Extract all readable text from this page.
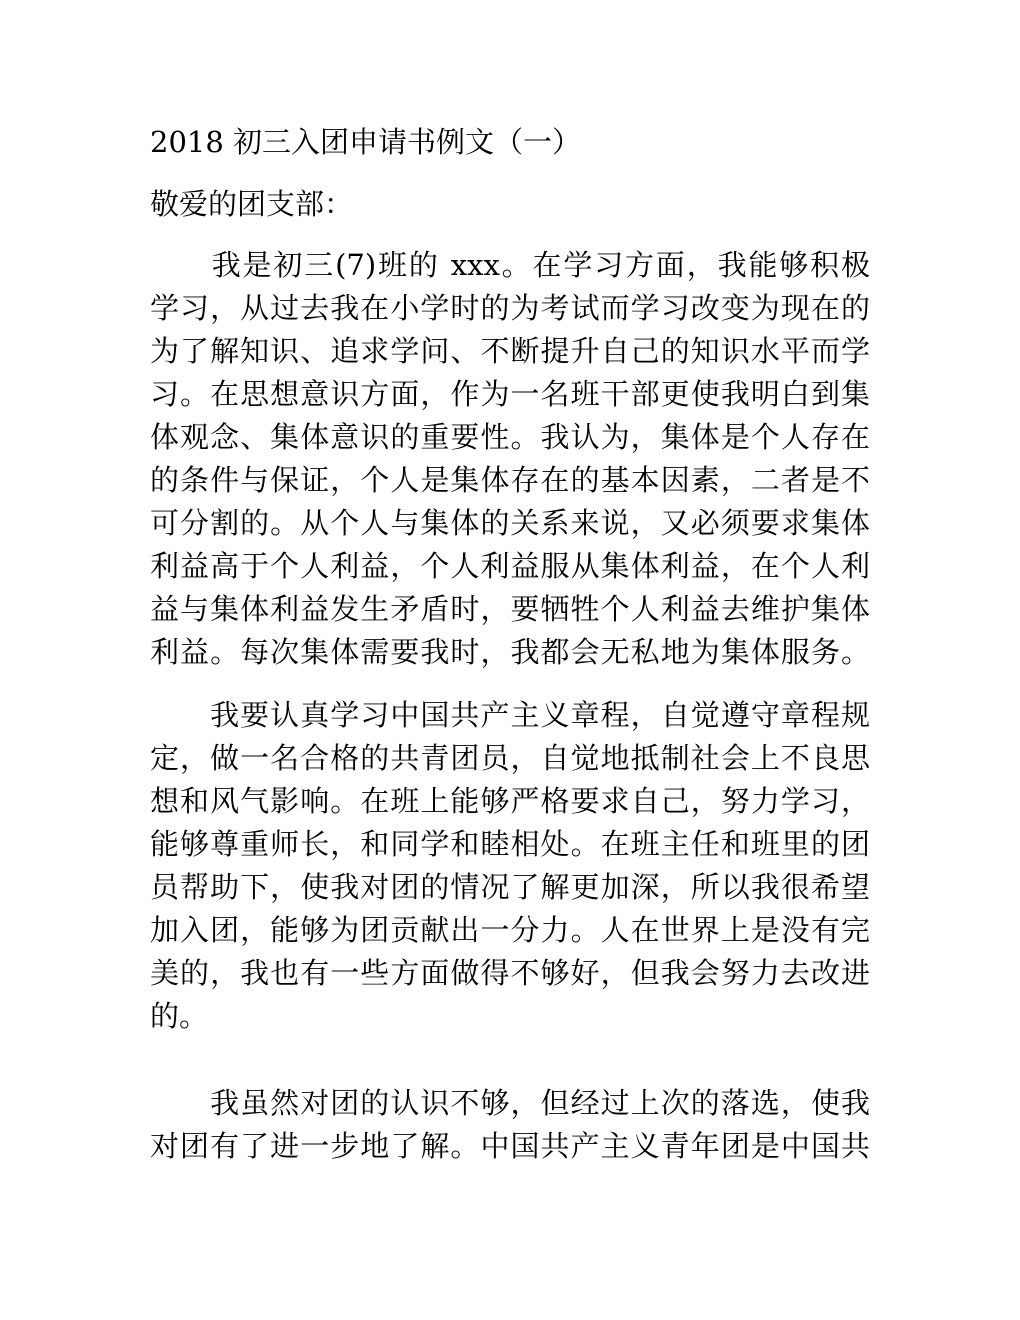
2018 初三入团申请书例文（一）
敬爱的团支部：
　　我是初三(7)班的 xxx。在学习方面，我能够积极
学习，从过去我在小学时的为考试而学习改变为现在的
为了解知识、追求学问、不断提升自己的知识水平而学
习。在思想意识方面，作为一名班干部更使我明白到集
体观念、集体意识的重要性。我认为，集体是个人存在
的条件与保证，个人是集体存在的基本因素，二者是不
可分割的。从个人与集体的关系来说，又必须要求集体
利益高于个人利益，个人利益服从集体利益，在个人利
益与集体利益发生矛盾时，要牺牲个人利益去维护集体
利益。每次集体需要我时，我都会无私地为集体服务。
　　我要认真学习中国共产主义章程，自觉遵守章程规
定，做一名合格的共青团员，自觉地抵制社会上不良思
想和风气影响。在班上能够严格要求自己，努力学习，
能够尊重师长，和同学和睦相处。在班主任和班里的团
员帮助下，使我对团的情况了解更加深，所以我很希望
加入团，能够为团贡献出一分力。人在世界上是没有完
美的，我也有一些方面做得不够好，但我会努力去改进
的。
　　我虽然对团的认识不够，但经过上次的落选，使我
对团有了进一步地了解。中国共产主义青年团是中国共
